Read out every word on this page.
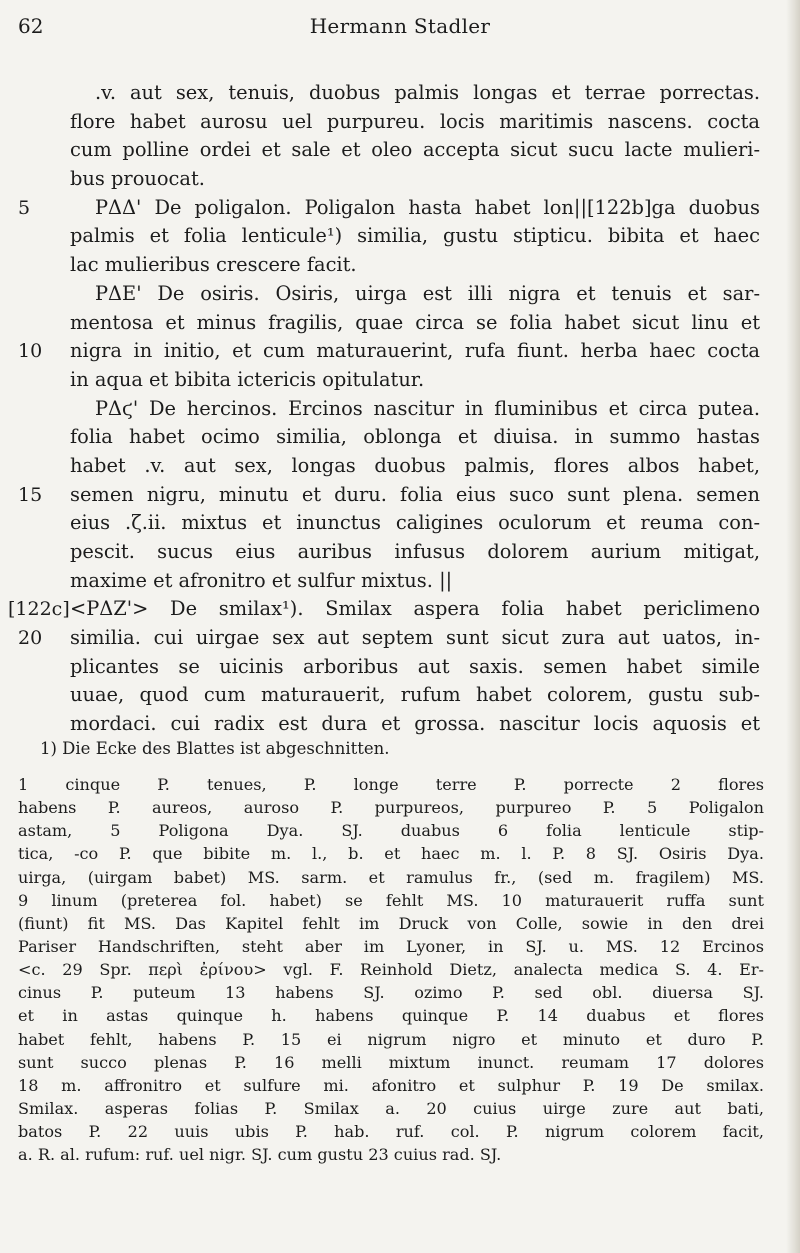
62	Hermann Stadler
.v. aut sex, tenuis, duobus palmis longas et terrae porrectas.
flore habet aurosu uel purpureu. locis maritimis nascens. cocta
cum polline ordei et sale et oleo accepta sicut sucu lacte mulieri-
bus prouocat.
5	PΔΔ' De poligalon. Poligalon hasta habet lon||[122b]ga duobus
palmis et folia lenticule¹) similia, gustu stipticu. bibita et haec
lac mulieribus crescere facit.
PΔE' De osiris. Osiris, uirga est illi nigra et tenuis et sar-
mentosa et minus fragilis, quae circa se folia habet sicut linu et
10 nigra in initio, et cum maturauerint, rufa fiunt. herba haec cocta
in aqua et bibita ictericis opitulatur.
PΔϛ' De hercinos. Ercinos nascitur in fluminibus et circa putea.
folia habet ocimo similia, oblonga et diuisa. in summo hastas
habet .v. aut sex, longas duobus palmis, flores albos habet,
15 semen nigru, minutu et duru. folia eius suco sunt plena. semen
eius .ζ.ii. mixtus et inunctus caligines oculorum et reuma con-
pescit. sucus eius auribus infusus dolorem aurium mitigat,
maxime et afronitro et sulfur mixtus. ||
[122c] <PΔZ'> De smilax¹). Smilax aspera folia habet periclimeno
20 similia. cui uirgae sex aut septem sunt sicut zura aut uatos, in-
plicantes se uicinis arboribus aut saxis. semen habet simile
uuae, quod cum maturauerit, rufum habet colorem, gustu sub-
mordaci. cui radix est dura et grossa. nascitur locis aquosis et
1) Die Ecke des Blattes ist abgeschnitten.
1 cinque P. tenues, P. longe terre P. porrecte 2 flores
habens P. aureos, auroso P. purpureos, purpureo P. 5 Poligalon
astam, 5 Poligona Dya. SJ. duabus 6 folia lenticule stip-
tica, -co P. que bibite m. l., b. et haec m. l. P. 8 SJ. Osiris Dya.
uirga, (uirgam babet) MS. sarm. et ramulus fr., (sed m. fragilem) MS.
9 linum (preterea fol. habet) se fehlt MS. 10 maturauerit ruffa sunt
(fiunt) fit MS. Das Kapitel fehlt im Druck von Colle, sowie in den drei
Pariser Handschriften, steht aber im Lyoner, in SJ. u. MS. 12 Ercinos
<c. 29 Spr. περὶ ἐρίνου> vgl. F. Reinhold Dietz, analecta medica S. 4. Er-
cinus P. puteum 13 habens SJ. ozimo P. sed obl. diuersa SJ.
et in astas quinque h. habens quinque P. 14 duabus et flores
habet fehlt, habens P. 15 ei nigrum nigro et minuto et duro P.
sunt succo plenas P. 16 melli mixtum inunct. reumam 17 dolores
18 m. affronitro et sulfure mi. afonitro et sulphur P. 19 De smilax.
Smilax. asperas folias P. Smilax a. 20 cuius uirge zure aut bati,
batos P. 22 uuis ubis P. hab. ruf. col. P. nigrum colorem facit,
a. R. al. rufum: ruf. uel nigr. SJ. cum gustu 23 cuius rad. SJ.
